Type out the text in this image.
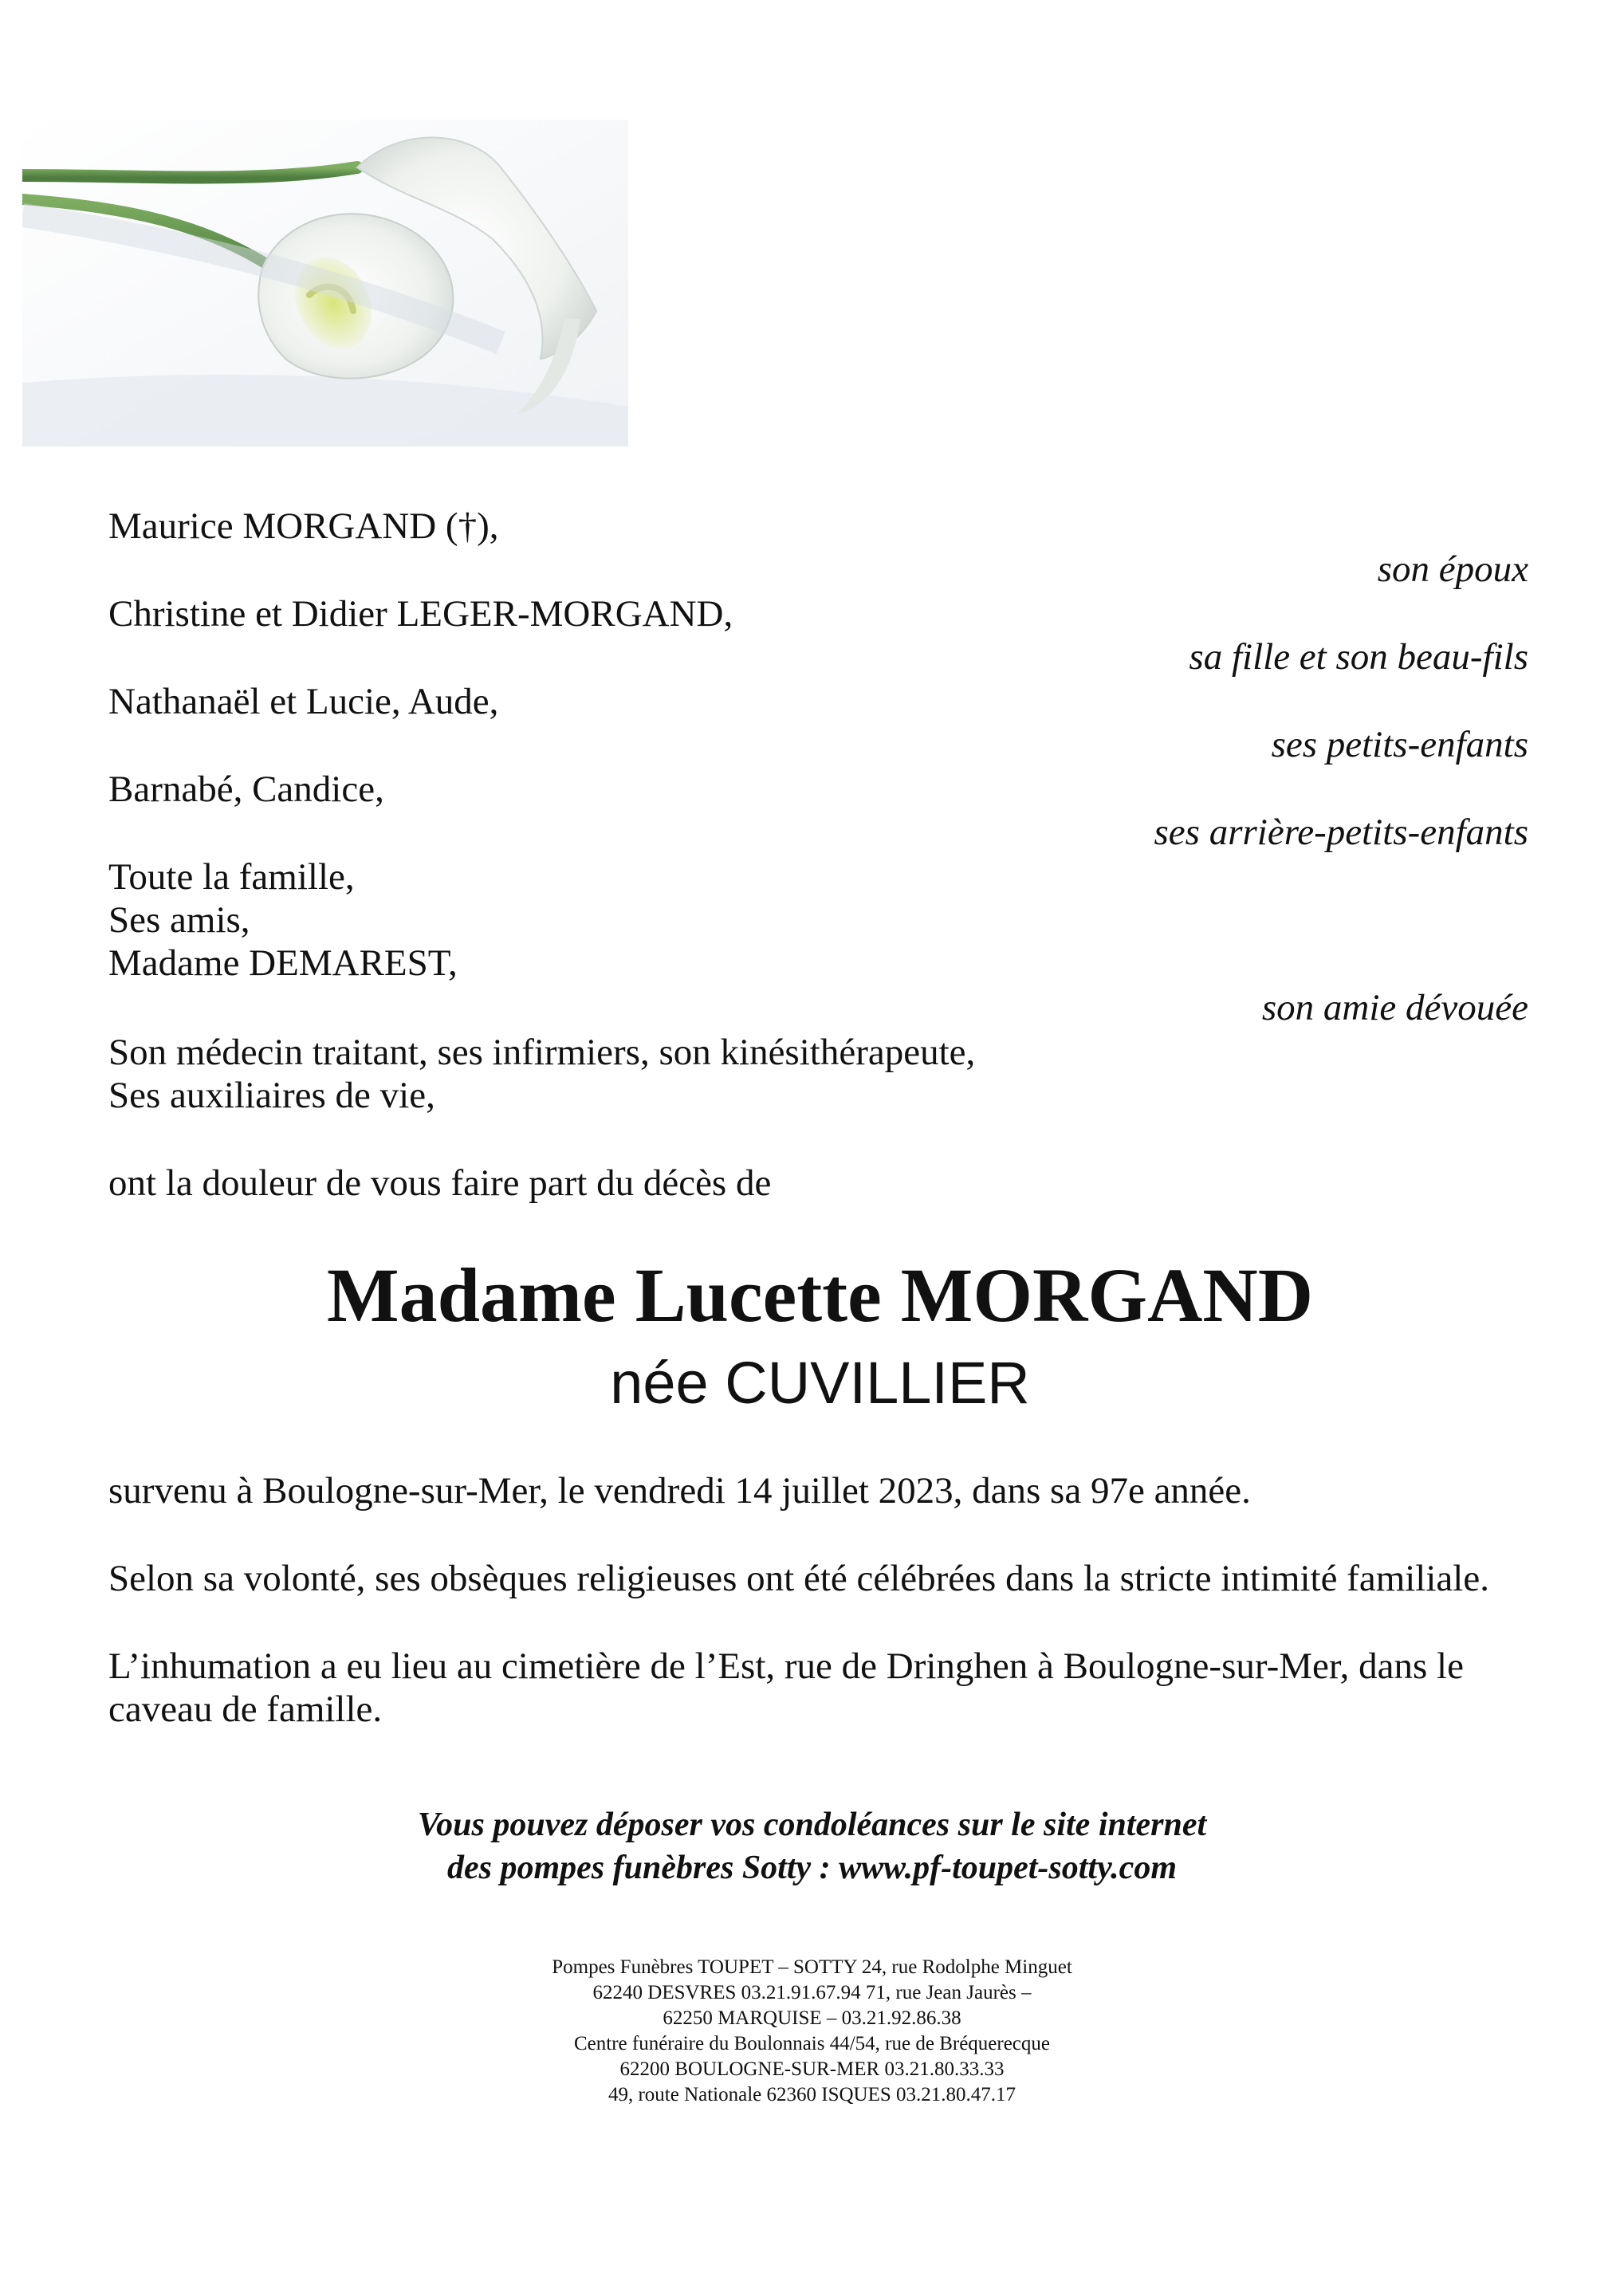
Maurice MORGAND (†),
son époux
Christine et Didier LEGER-MORGAND,
sa fille et son beau-fils
Nathanaël et Lucie, Aude,
ses petits-enfants
Barnabé, Candice,
ses arrière-petits-enfants
Toute la famille,
Ses amis,
Madame DEMAREST,
son amie dévouée
Son médecin traitant, ses infirmiers, son kinésithérapeute,
Ses auxiliaires de vie,
ont la douleur de vous faire part du décès de
Madame Lucette MORGAND
née CUVILLIER
survenu à Boulogne-sur-Mer, le vendredi 14 juillet 2023, dans sa 97e année.
Selon sa volonté, ses obsèques religieuses ont été célébrées dans la stricte intimité familiale.
L’inhumation a eu lieu au cimetière de l’Est, rue de Dringhen à Boulogne-sur-Mer, dans le
caveau de famille.
Vous pouvez déposer vos condoléances sur le site internet
des pompes funèbres Sotty : www.pf-toupet-sotty.com
Pompes Funèbres TOUPET – SOTTY 24, rue Rodolphe Minguet
62240 DESVRES 03.21.91.67.94 71, rue Jean Jaurès –
62250 MARQUISE – 03.21.92.86.38
Centre funéraire du Boulonnais 44/54, rue de Bréquerecque
62200 BOULOGNE-SUR-MER 03.21.80.33.33
49, route Nationale 62360 ISQUES 03.21.80.47.17
